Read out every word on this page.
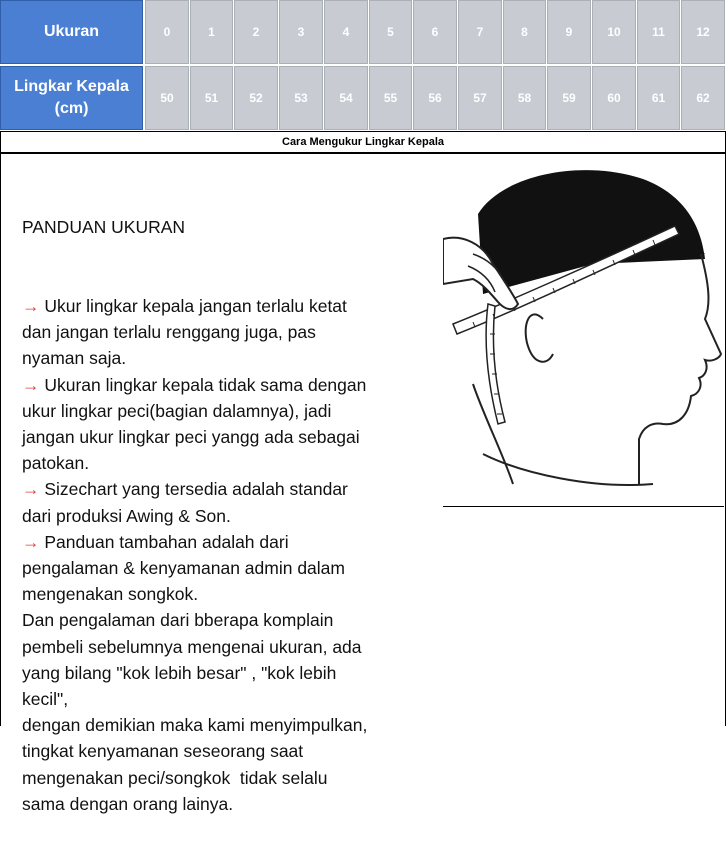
Ukuran
Lingkar Kepala (cm)
0
50
1
51
2
52
3
53
4
54
5
55
6
56
7
57
8
58
9
59
10
60
11
61
12
62
Cara Mengukur Lingkar Kepala

PANDUAN UKURAN

→ Ukur lingkar kepala jangan terlalu ketat
dan jangan terlalu renggang juga, pas
nyaman saja.
→ Ukuran lingkar kepala tidak sama dengan
ukur lingkar peci(bagian dalamnya), jadi
jangan ukur lingkar peci yangg ada sebagai
patokan.
→ Sizechart yang tersedia adalah standar
dari produksi Awing & Son.
→ Panduan tambahan adalah dari
pengalaman & kenyamanan admin dalam
mengenakan songkok.
Dan pengalaman dari bberapa komplain
pembeli sebelumnya mengenai ukuran, ada
yang bilang "kok lebih besar" , "kok lebih
kecil",
dengan demikian maka kami menyimpulkan,
tingkat kenyamanan seseorang saat
mengenakan peci/songkok  tidak selalu
sama dengan orang lainya.
